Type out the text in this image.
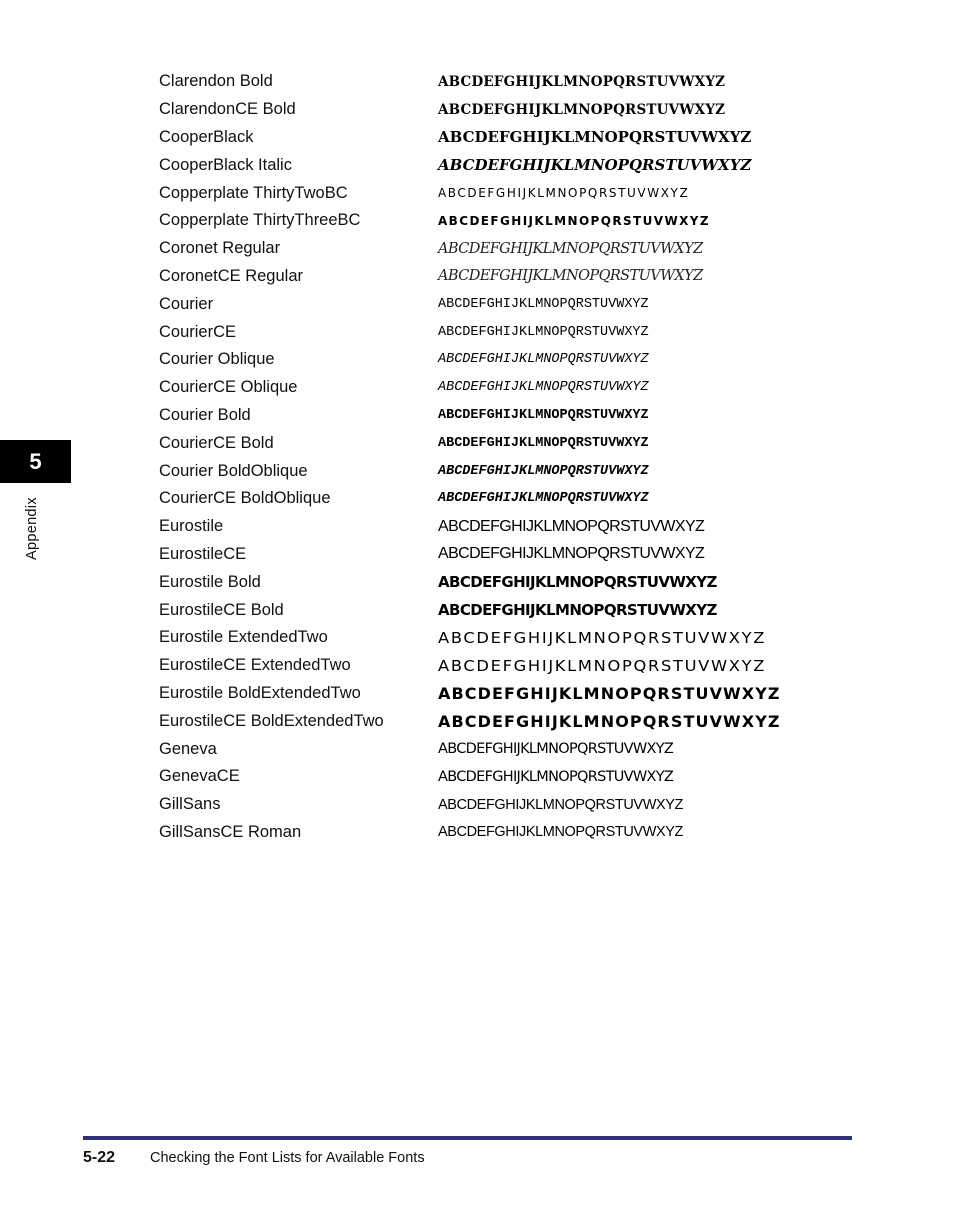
5
Appendix
Clarendon Bold	ABCDEFGHIJKLMNOPQRSTUVWXYZ
ClarendonCE Bold	ABCDEFGHIJKLMNOPQRSTUVWXYZ
CooperBlack	ABCDEFGHIJKLMNOPQRSTUVWXYZ
CooperBlack Italic	ABCDEFGHIJKLMNOPQRSTUVWXYZ
Copperplate ThirtyTwoBC	ABCDEFGHIJKLMNOPQRSTUVWXYZ
Copperplate ThirtyThreeBC	ABCDEFGHIJKLMNOPQRSTUVWXYZ
Coronet Regular	ABCDEFGHIJKLMNOPQRSTUVWXYZ
CoronetCE Regular	ABCDEFGHIJKLMNOPQRSTUVWXYZ
Courier	ABCDEFGHIJKLMNOPQRSTUVWXYZ
CourierCE	ABCDEFGHIJKLMNOPQRSTUVWXYZ
Courier Oblique	ABCDEFGHIJKLMNOPQRSTUVWXYZ
CourierCE Oblique	ABCDEFGHIJKLMNOPQRSTUVWXYZ
Courier Bold	ABCDEFGHIJKLMNOPQRSTUVWXYZ
CourierCE Bold	ABCDEFGHIJKLMNOPQRSTUVWXYZ
Courier BoldOblique	ABCDEFGHIJKLMNOPQRSTUVWXYZ
CourierCE BoldOblique	ABCDEFGHIJKLMNOPQRSTUVWXYZ
Eurostile	ABCDEFGHIJKLMNOPQRSTUVWXYZ
EurostileCE	ABCDEFGHIJKLMNOPQRSTUVWXYZ
Eurostile Bold	ABCDEFGHIJKLMNOPQRSTUVWXYZ
EurostileCE Bold	ABCDEFGHIJKLMNOPQRSTUVWXYZ
Eurostile ExtendedTwo	ABCDEFGHIJKLMNOPQRSTUVWXYZ
EurostileCE ExtendedTwo	ABCDEFGHIJKLMNOPQRSTUVWXYZ
Eurostile BoldExtendedTwo	ABCDEFGHIJKLMNOPQRSTUVWXYZ
EurostileCE BoldExtendedTwo	ABCDEFGHIJKLMNOPQRSTUVWXYZ
Geneva	ABCDEFGHIJKLMNOPQRSTUVWXYZ
GenevaCE	ABCDEFGHIJKLMNOPQRSTUVWXYZ
GillSans	ABCDEFGHIJKLMNOPQRSTUVWXYZ
GillSansCE Roman	ABCDEFGHIJKLMNOPQRSTUVWXYZ
5-22 Checking the Font Lists for Available Fonts
